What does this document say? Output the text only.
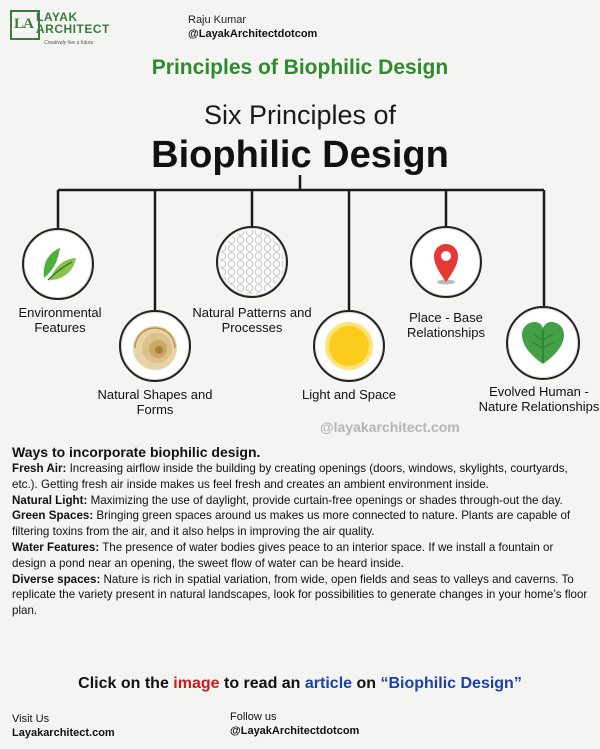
LA LAYAK
ARCHITECT
Creatively live a future
Raju Kumar
@LayakArchitectdotcom
Principles of Biophilic Design
Six Principles of
Biophilic Design
Environmental Features
Natural Shapes and Forms
Natural Patterns and Processes
Light and Space
Place - Base Relationships
Evolved Human - Nature Relationships
@layakarchitect.com
Ways to incorporate biophilic design.

Fresh Air: Increasing airflow inside the building by creating openings (doors, windows, skylights, courtyards, etc.). Getting fresh air inside makes us feel fresh and creates an ambient environment inside.

Natural Light: Maximizing the use of daylight, provide curtain-free openings or shades through-out the day.

Green Spaces: Bringing green spaces around us makes us more connected to nature. Plants are capable of filtering toxins from the air, and it also helps in improving the air quality.

Water Features: The presence of water bodies gives peace to an interior space. If we install a fountain or design a pond near an opening, the sweet flow of water can be heard inside.

Diverse spaces: Nature is rich in spatial variation, from wide, open fields and seas to valleys and caverns. To replicate the variety present in natural landscapes, look for possibilities to generate changes in your home’s floor plan.

Click on the image to read an article on “Biophilic Design”
Visit Us
Layakarchitect.com
Follow us
@LayakArchitectdotcom
